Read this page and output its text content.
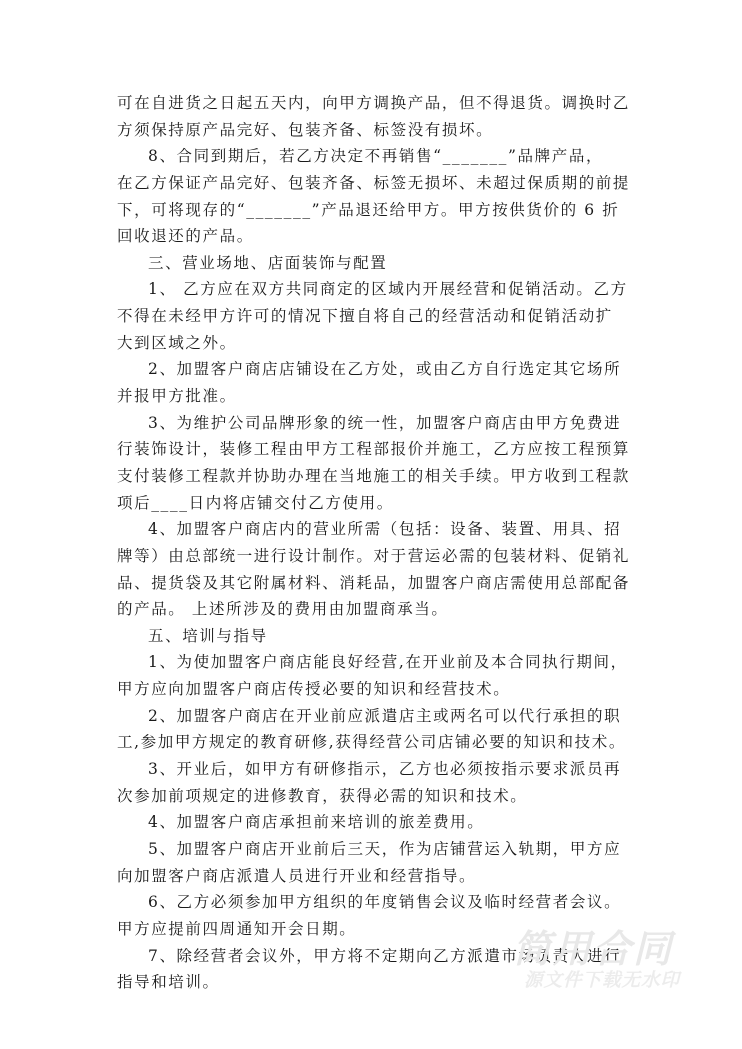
可在自进货之日起五天内，向甲方调换产品，但不得退货。调换时乙
方须保持原产品完好、包装齐备、标签没有损坏。
8、合同到期后，若乙方决定不再销售“_______”品牌产品，
在乙方保证产品完好、包装齐备、标签无损坏、未超过保质期的前提
下，可将现存的“_______”产品退还给甲方。甲方按供货价的 6 折
回收退还的产品。
三、营业场地、店面装饰与配置
1、 乙方应在双方共同商定的区域内开展经营和促销活动。乙方
不得在未经甲方许可的情况下擅自将自己的经营活动和促销活动扩
大到区域之外。
2、加盟客户商店店铺设在乙方处，或由乙方自行选定其它场所
并报甲方批准。
3、为维护公司品牌形象的统一性，加盟客户商店由甲方免费进
行装饰设计，装修工程由甲方工程部报价并施工，乙方应按工程预算
支付装修工程款并协助办理在当地施工的相关手续。甲方收到工程款
项后____日内将店铺交付乙方使用。
4、加盟客户商店内的营业所需（包括：设备、装置、用具、招
牌等）由总部统一进行设计制作。对于营运必需的包装材料、促销礼
品、提货袋及其它附属材料、消耗品，加盟客户商店需使用总部配备
的产品。 上述所涉及的费用由加盟商承当。
五、培训与指导
1、为使加盟客户商店能良好经营,在开业前及本合同执行期间，
甲方应向加盟客户商店传授必要的知识和经营技术。
2、加盟客户商店在开业前应派遣店主或两名可以代行承担的职
工,参加甲方规定的教育研修,获得经营公司店铺必要的知识和技术。
3、开业后，如甲方有研修指示，乙方也必须按指示要求派员再
次参加前项规定的进修教育，获得必需的知识和技术。
4、加盟客户商店承担前来培训的旅差费用。
5、加盟客户商店开业前后三天，作为店铺营运入轨期，甲方应
向加盟客户商店派遣人员进行开业和经营指导。
6、乙方必须参加甲方组织的年度销售会议及临时经营者会议。
甲方应提前四周通知开会日期。
7、除经营者会议外，甲方将不定期向乙方派遣市场负责人进行
指导和培训。
简用合同
源文件下载无水印
